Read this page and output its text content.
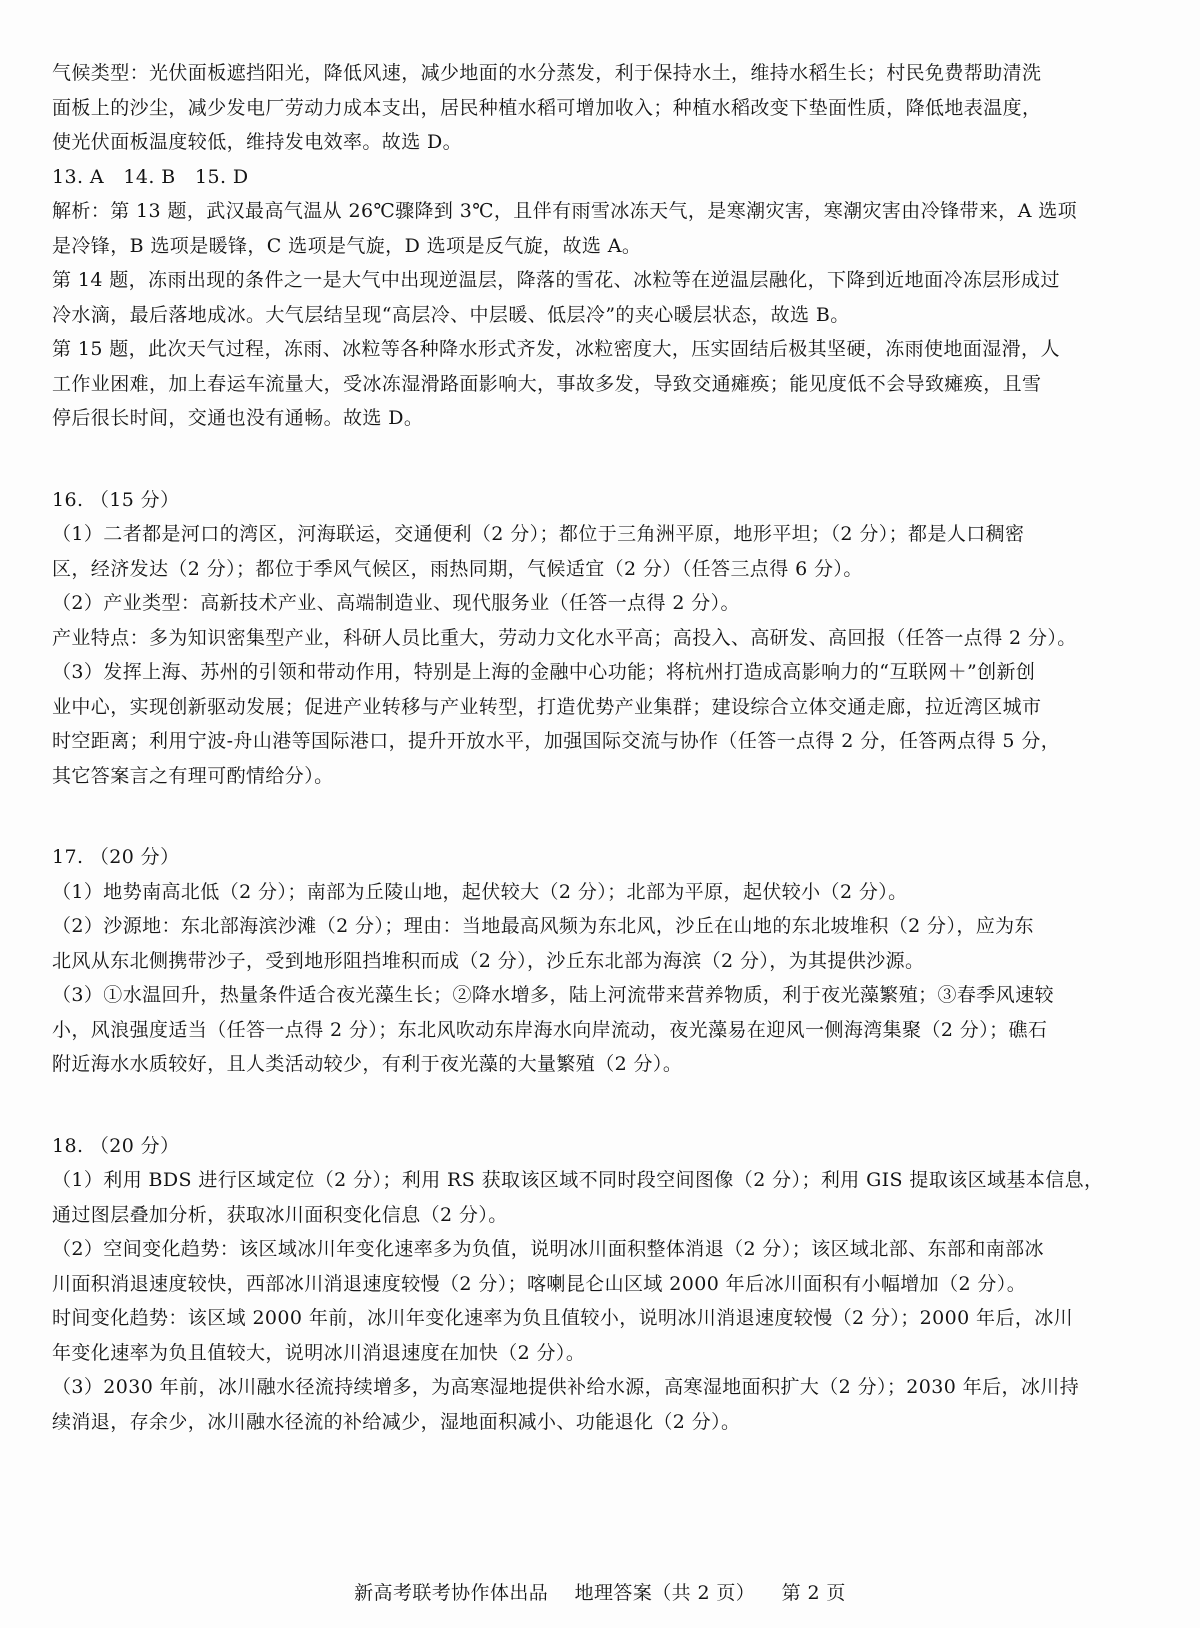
气候类型：光伏面板遮挡阳光，降低风速，减少地面的水分蒸发，利于保持水土，维持水稻生长；村民免费帮助清洗
面板上的沙尘，减少发电厂劳动力成本支出，居民种植水稻可增加收入；种植水稻改变下垫面性质，降低地表温度，
使光伏面板温度较低，维持发电效率。故选 D。
13. A　14. B　15. D
解析：第 13 题，武汉最高气温从 26℃骤降到 3℃，且伴有雨雪冰冻天气，是寒潮灾害，寒潮灾害由冷锋带来，A 选项
是冷锋，B 选项是暖锋，C 选项是气旋，D 选项是反气旋，故选 A。
第 14 题，冻雨出现的条件之一是大气中出现逆温层，降落的雪花、冰粒等在逆温层融化，下降到近地面冷冻层形成过
冷水滴，最后落地成冰。大气层结呈现“高层冷、中层暖、低层冷”的夹心暖层状态，故选 B。
第 15 题，此次天气过程，冻雨、冰粒等各种降水形式齐发，冰粒密度大，压实固结后极其坚硬，冻雨使地面湿滑，人
工作业困难，加上春运车流量大，受冰冻湿滑路面影响大，事故多发，导致交通瘫痪；能见度低不会导致瘫痪，且雪
停后很长时间，交通也没有通畅。故选 D。
16. （15 分）
（1）二者都是河口的湾区，河海联运，交通便利（2 分）；都位于三角洲平原，地形平坦；（2 分）；都是人口稠密
区，经济发达（2 分）；都位于季风气候区，雨热同期，气候适宜（2 分）（任答三点得 6 分）。
（2）产业类型：高新技术产业、高端制造业、现代服务业（任答一点得 2 分）。
产业特点：多为知识密集型产业，科研人员比重大，劳动力文化水平高；高投入、高研发、高回报（任答一点得 2 分）。
（3）发挥上海、苏州的引领和带动作用，特别是上海的金融中心功能；将杭州打造成高影响力的“互联网＋”创新创
业中心，实现创新驱动发展；促进产业转移与产业转型，打造优势产业集群；建设综合立体交通走廊，拉近湾区城市
时空距离；利用宁波-舟山港等国际港口，提升开放水平，加强国际交流与协作（任答一点得 2 分，任答两点得 5 分，
其它答案言之有理可酌情给分）。
17. （20 分）
（1）地势南高北低（2 分）；南部为丘陵山地，起伏较大（2 分）；北部为平原，起伏较小（2 分）。
（2）沙源地：东北部海滨沙滩（2 分）；理由：当地最高风频为东北风，沙丘在山地的东北坡堆积（2 分），应为东
北风从东北侧携带沙子，受到地形阻挡堆积而成（2 分），沙丘东北部为海滨（2 分），为其提供沙源。
（3）①水温回升，热量条件适合夜光藻生长；②降水增多，陆上河流带来营养物质，利于夜光藻繁殖；③春季风速较
小，风浪强度适当（任答一点得 2 分）；东北风吹动东岸海水向岸流动，夜光藻易在迎风一侧海湾集聚（2 分）；礁石
附近海水水质较好，且人类活动较少，有利于夜光藻的大量繁殖（2 分）。
18. （20 分）
（1）利用 BDS 进行区域定位（2 分）；利用 RS 获取该区域不同时段空间图像（2 分）；利用 GIS 提取该区域基本信息，
通过图层叠加分析，获取冰川面积变化信息（2 分）。
（2）空间变化趋势：该区域冰川年变化速率多为负值，说明冰川面积整体消退（2 分）；该区域北部、东部和南部冰
川面积消退速度较快，西部冰川消退速度较慢（2 分）；喀喇昆仑山区域 2000 年后冰川面积有小幅增加（2 分）。
时间变化趋势：该区域 2000 年前，冰川年变化速率为负且值较小，说明冰川消退速度较慢（2 分）；2000 年后，冰川
年变化速率为负且值较大，说明冰川消退速度在加快（2 分）。
（3）2030 年前，冰川融水径流持续增多，为高寒湿地提供补给水源，高寒湿地面积扩大（2 分）；2030 年后，冰川持
续消退，存余少，冰川融水径流的补给减少，湿地面积减小、功能退化（2 分）。
新高考联考协作体出品 地理答案（共 2 页） 第 2 页
